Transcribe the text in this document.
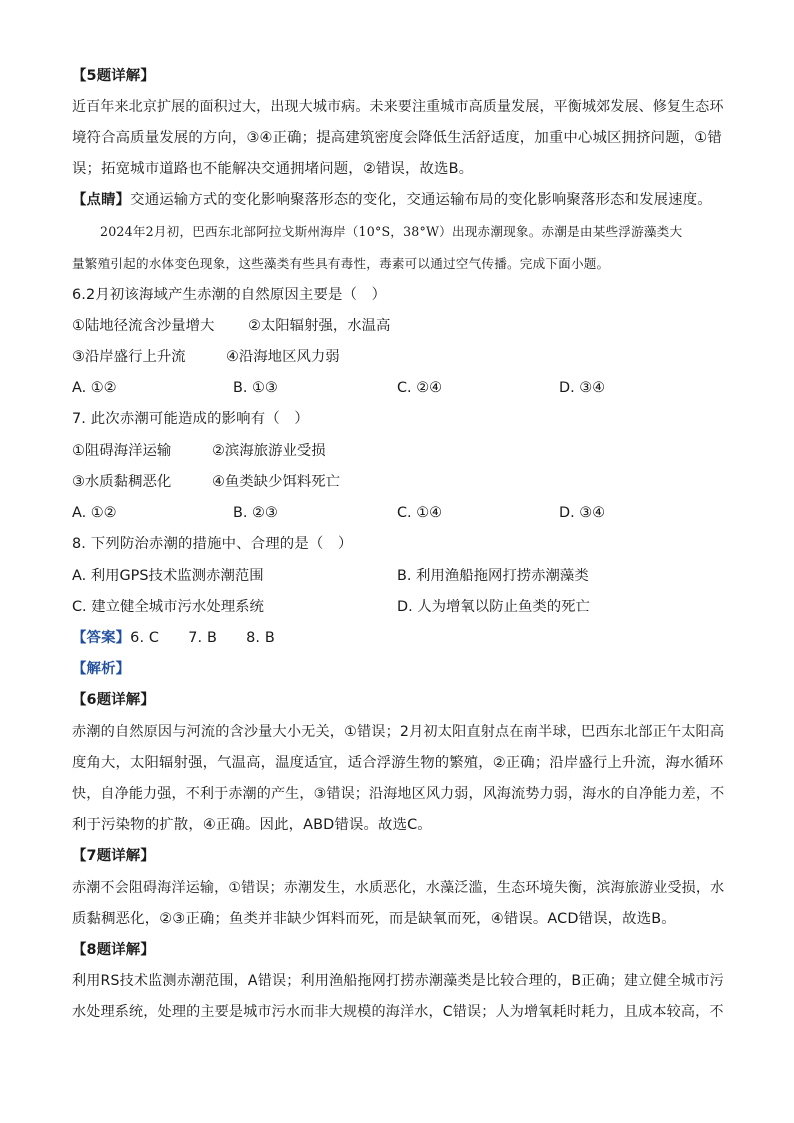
【5题详解】
近百年来北京扩展的面积过大，出现大城市病。未来要注重城市高质量发展，平衡城郊发展、修复生态环
境符合高质量发展的方向，③④正确；提高建筑密度会降低生活舒适度，加重中心城区拥挤问题，①错
误；拓宽城市道路也不能解决交通拥堵问题，②错误，故选B。
【点睛】交通运输方式的变化影响聚落形态的变化，交通运输布局的变化影响聚落形态和发展速度。
2024年2月初，巴西东北部阿拉戈斯州海岸（10°S，38°W）出现赤潮现象。赤潮是由某些浮游藻类大
量繁殖引起的水体变色现象，这些藻类有些具有毒性，毒素可以通过空气传播。完成下面小题。
6.2月初该海域产生赤潮的自然原因主要是（　）
①陆地径流含沙量增大 ②太阳辐射强，水温高
③沿岸盛行上升流	④沿海地区风力弱
A. ①②	B. ①③	C. ②④	D. ③④
7. 此次赤潮可能造成的影响有（　）
①阻碍海洋运输	②滨海旅游业受损
③水质黏稠恶化	④鱼类缺少饵料死亡
A. ①②	B. ②③	C. ①④	D. ③④
8. 下列防治赤潮的措施中、合理的是（　）
A. 利用GPS技术监测赤潮范围	B. 利用渔船拖网打捞赤潮藻类
C. 建立健全城市污水处理系统	D. 人为增氧以防止鱼类的死亡
【答案】6. C　　7. B　　8. B
【解析】
【6题详解】
赤潮的自然原因与河流的含沙量大小无关，①错误；2月初太阳直射点在南半球，巴西东北部正午太阳高
度角大，太阳辐射强，气温高，温度适宜，适合浮游生物的繁殖，②正确；沿岸盛行上升流，海水循环
快，自净能力强，不利于赤潮的产生，③错误；沿海地区风力弱，风海流势力弱，海水的自净能力差，不
利于污染物的扩散，④正确。因此，ABD错误。故选C。
【7题详解】
赤潮不会阻碍海洋运输，①错误；赤潮发生，水质恶化，水藻泛滥，生态环境失衡，滨海旅游业受损，水
质黏稠恶化，②③正确；鱼类并非缺少饵料而死，而是缺氧而死，④错误。ACD错误，故选B。
【8题详解】
利用RS技术监测赤潮范围，A错误；利用渔船拖网打捞赤潮藻类是比较合理的，B正确；建立健全城市污
水处理系统，处理的主要是城市污水而非大规模的海洋水，C错误；人为增氧耗时耗力，且成本较高，不
